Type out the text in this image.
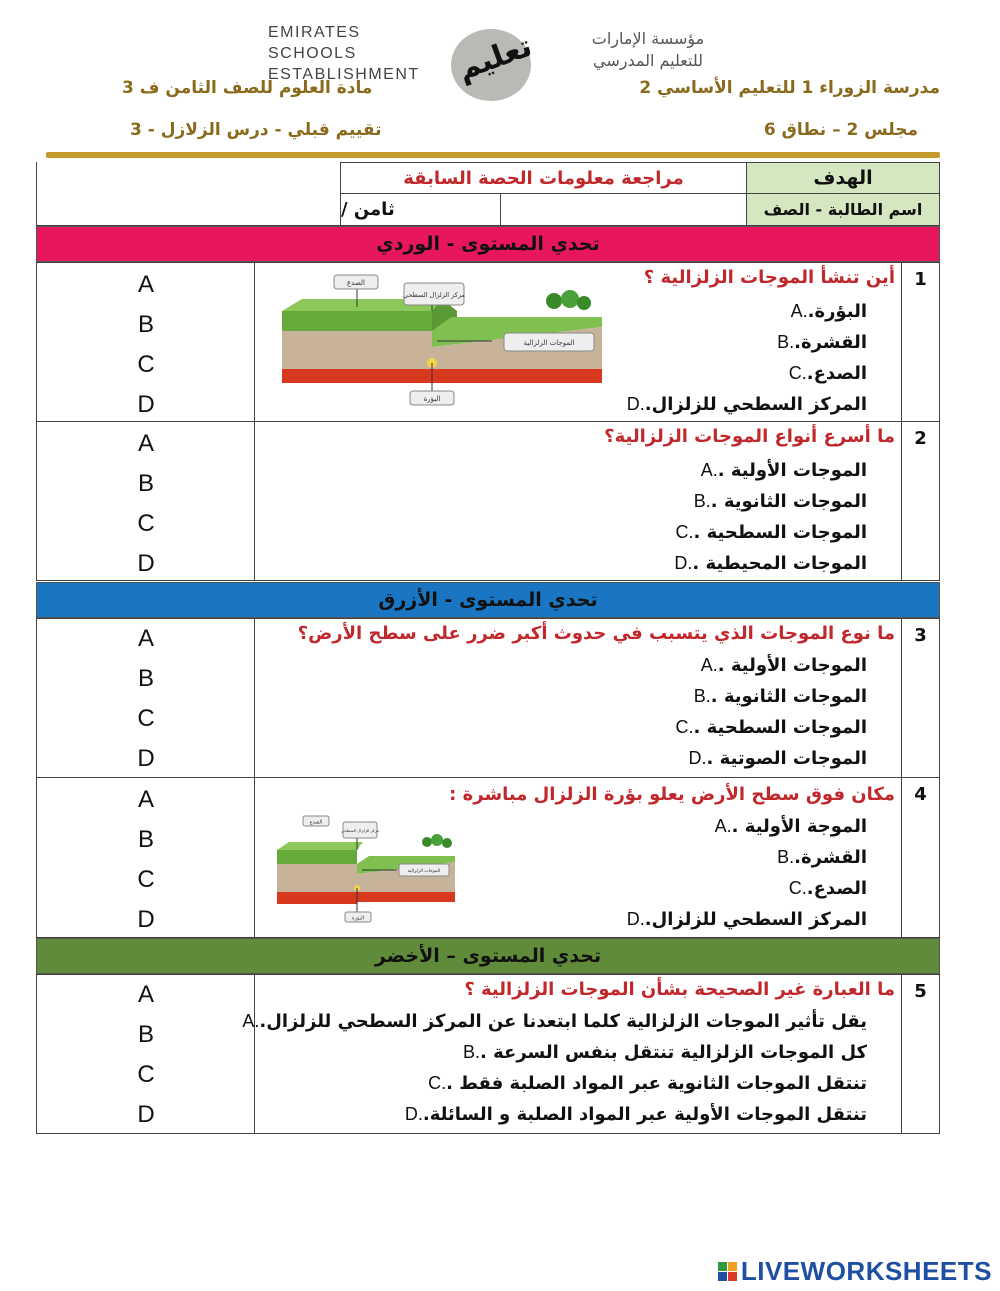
EMIRATES SCHOOLS
ESTABLISHMENT تعليم	مؤسسة الإمارات
للتعليم المدرسي
مدرسة الزوراء 1 للتعليم الأساسي 2
مادة العلوم للصف الثامن ف 3
مجلس 2 – نطاق 6
تقييم قبلي - درس الزلازل - 3
الهدف
مراجعة معلومات الحصة السابقة
اسم الطالبة - الصف
ثامن /
تحدي المستوى - الوردي
1
A
B
C
D
أين تنشأ الموجات الزلزالية ؟
البؤرة..A
القشرة..B
الصدع..C
المركز السطحي للزلزال..D
الصدع
مركز الزلزال السطحي
الموجات الزلزالية
البؤرة
2
A
B
C
D
ما أسرع أنواع الموجات الزلزالية؟
الموجات الأولية ..A
الموجات الثانوية ..B
الموجات السطحية ..C
الموجات المحيطية ..D
تحدي المستوى - الأزرق
3
A
B
C
D
ما نوع الموجات الذي يتسبب في حدوث أكبر ضرر على سطح الأرض؟
الموجات الأولية ..A
الموجات الثانوية ..B
الموجات السطحية ..C
الموجات الصوتية ..D
4
A
B
C
D
مكان فوق سطح الأرض يعلو بؤرة الزلزال مباشرة :
الموجة الأولية ..A
القشرة..B
الصدع..C
المركز السطحي للزلزال..D
الصدع
مركز الزلزال السطحي
الموجات الزلزالية
البؤرة
تحدي المستوى – الأخضر
5
A
B
C
D
ما العبارة غير الصحيحة بشأن الموجات الزلزالية ؟
يقل تأثير الموجات الزلزالية كلما ابتعدنا عن المركز السطحي للزلزال..A
كل الموجات الزلزالية تنتقل بنفس السرعة ..B
تنتقل الموجات الثانوية عبر المواد الصلبة فقط ..C
تنتقل الموجات الأولية عبر المواد الصلبة و السائلة..D
LIVEWORKSHEETS
